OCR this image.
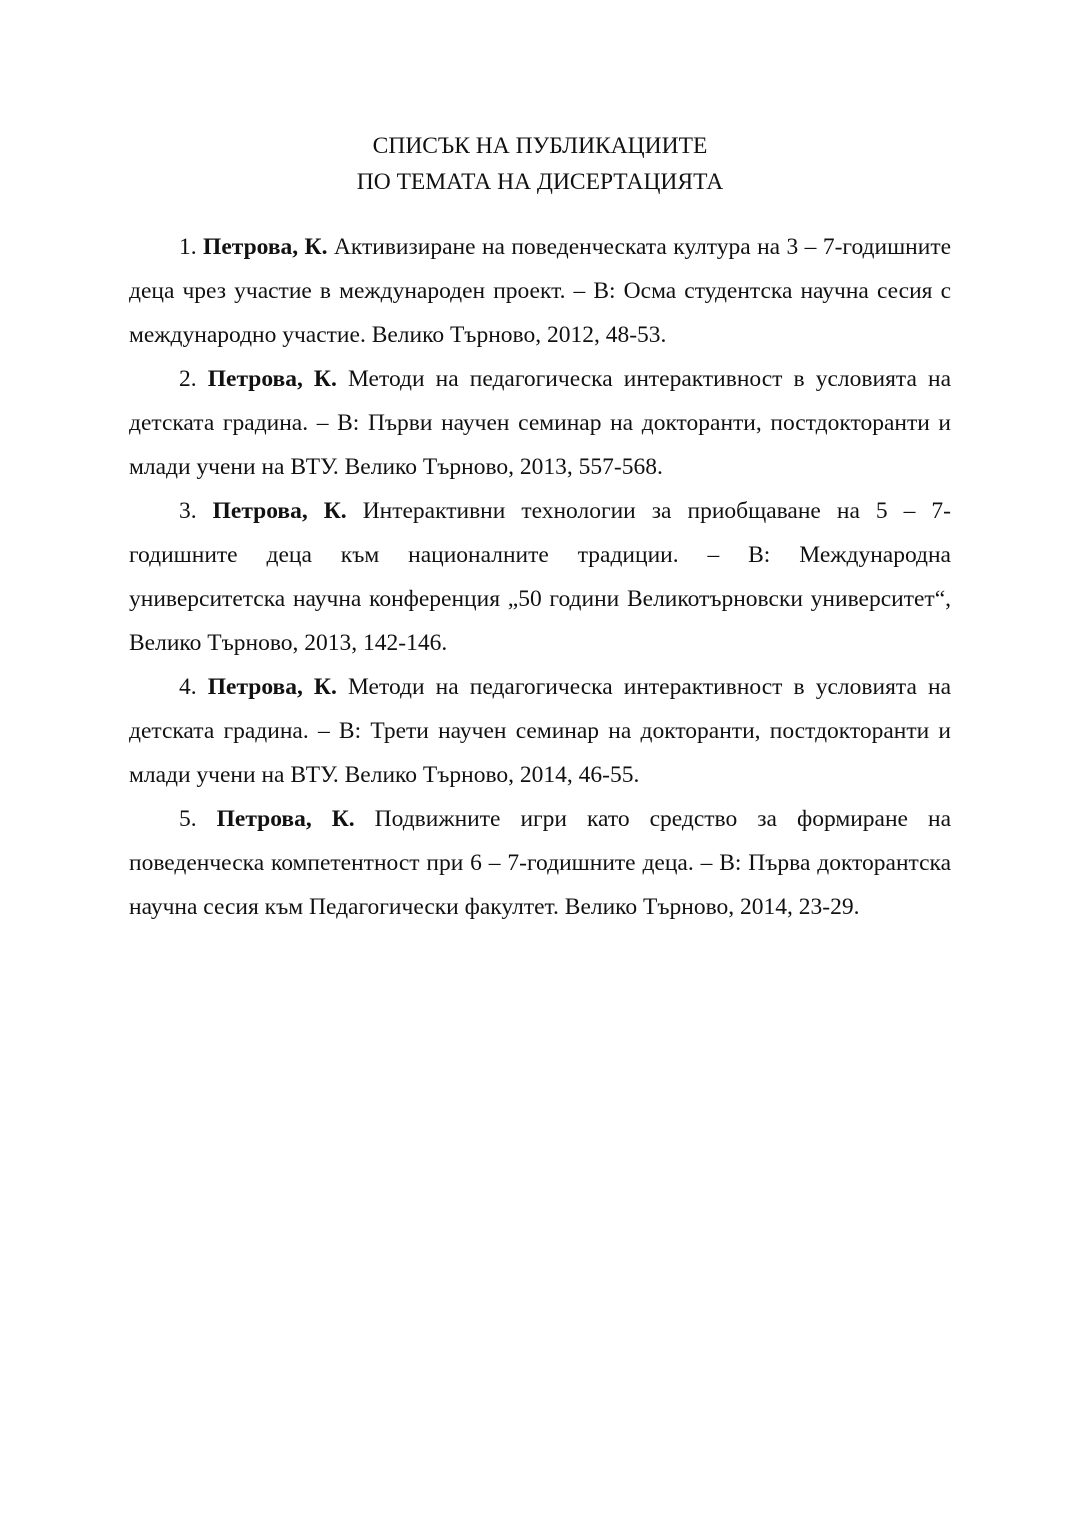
СПИСЪК НА ПУБЛИКАЦИИТЕ
ПО ТЕМАТА НА ДИСЕРТАЦИЯТА

1. Петрова, К. Активизиране на поведенческата култура на 3 – 7-годишните деца чрез участие в международен проект. – В: Осма студентска научна сесия с международно участие. Велико Търново, 2012, 48-53.

2. Петрова, К. Методи на педагогическа интерактивност в условията на детската градина. – В: Първи научен семинар на докторанти, постдокторанти и млади учени на ВТУ. Велико Търново, 2013, 557-568.

3. Петрова, К. Интерактивни технологии за приобщаване на 5 – 7-годишните деца към националните традиции. – В: Международна университетска научна конференция „50 години Великотърновски университет“, Велико Търново, 2013, 142-146.

4. Петрова, К. Методи на педагогическа интерактивност в условията на детската градина. – В: Трети научен семинар на докторанти, постдокторанти и млади учени на ВТУ. Велико Търново, 2014, 46-55.

5. Петрова, К. Подвижните игри като средство за формиране на поведенческа компетентност при 6 – 7-годишните деца. – В: Първа докторантска научна сесия към Педагогически факултет. Велико Търново, 2014, 23-29.
